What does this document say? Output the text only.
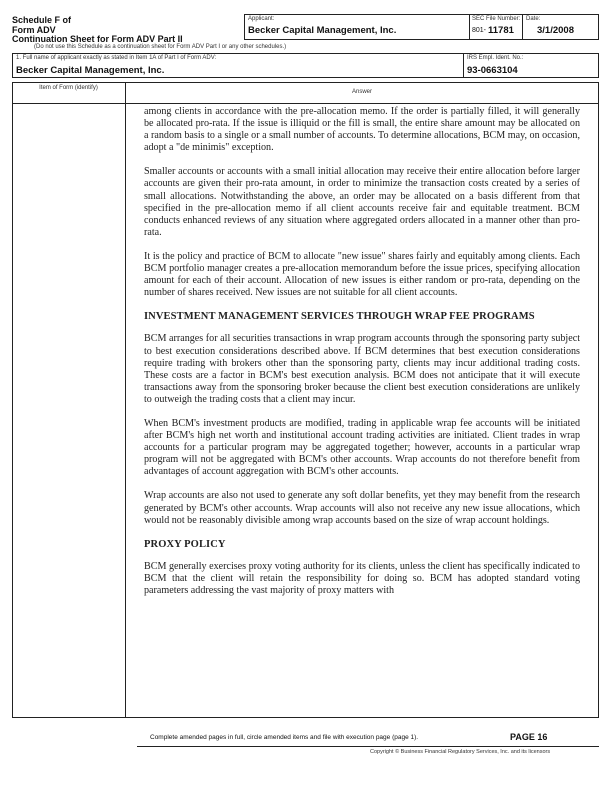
Schedule F of
Form ADV
Continuation Sheet for Form ADV Part II
Applicant:
Becker Capital Management, Inc.
SEC File Number:
801- 11781
Date:
3/1/2008
(Do not use this Schedule as a continuation sheet for Form ADV Part I or any other schedules.)
1. Full name of applicant exactly as stated in Item 1A of Part I of Form ADV:
Becker Capital Management, Inc.
IRS Empl. Ident. No.:
93-0663104
Item of Form (identify)
Answer

among clients in accordance with the pre-allocation memo. If the order is partially filled, it will generally be allocated pro-rata. If the issue is illiquid or the fill is small, the entire share amount may be allocated on a random basis to a single or a small number of accounts. To determine allocations, BCM may, on occasion, adopt a "de minimis" exception.

Smaller accounts or accounts with a small initial allocation may receive their entire allocation before larger accounts are given their pro-rata amount, in order to minimize the transaction costs created by a series of small allocations. Notwithstanding the above, an order may be allocated on a basis different from that specified in the pre-allocation memo if all client accounts receive fair and equitable treatment. BCM conducts enhanced reviews of any situation where aggregated orders allocated in a manner other than pro-rata.

It is the policy and practice of BCM to allocate "new issue" shares fairly and equitably among clients. Each BCM portfolio manager creates a pre-allocation memorandum before the issue prices, specifying allocation amount for each of their account. Allocation of new issues is either random or pro-rata, depending on the number of shares received. New issues are not suitable for all client accounts.

INVESTMENT MANAGEMENT SERVICES THROUGH WRAP FEE PROGRAMS

BCM arranges for all securities transactions in wrap program accounts through the sponsoring party subject to best execution considerations described above. If BCM determines that best execution considerations require trading with brokers other than the sponsoring party, clients may incur additional trading costs. These costs are a factor in BCM's best execution analysis. BCM does not anticipate that it will execute transactions away from the sponsoring broker because the client best execution considerations are unlikely to outweigh the trading costs that a client may incur.

When BCM's investment products are modified, trading in applicable wrap fee accounts will be initiated after BCM's high net worth and institutional account trading activities are initiated. Client trades in wrap accounts for a particular program may be aggregated together; however, accounts in a particular wrap program will not be aggregated with BCM's other accounts. Wrap accounts do not therefore benefit from advantages of account aggregation with BCM's other accounts.

Wrap accounts are also not used to generate any soft dollar benefits, yet they may benefit from the research generated by BCM's other accounts. Wrap accounts will also not receive any new issue allocations, which would not be reasonably divisible among wrap accounts based on the size of wrap account holdings.

PROXY POLICY

BCM generally exercises proxy voting authority for its clients, unless the client has specifically indicated to BCM that the client will retain the responsibility for doing so. BCM has adopted standard voting parameters addressing the vast majority of proxy matters with

Complete amended pages in full, circle amended items and file with execution page (page 1).	PAGE 16
Copyright © Business Financial Regulatory Services, Inc. and its licensors
